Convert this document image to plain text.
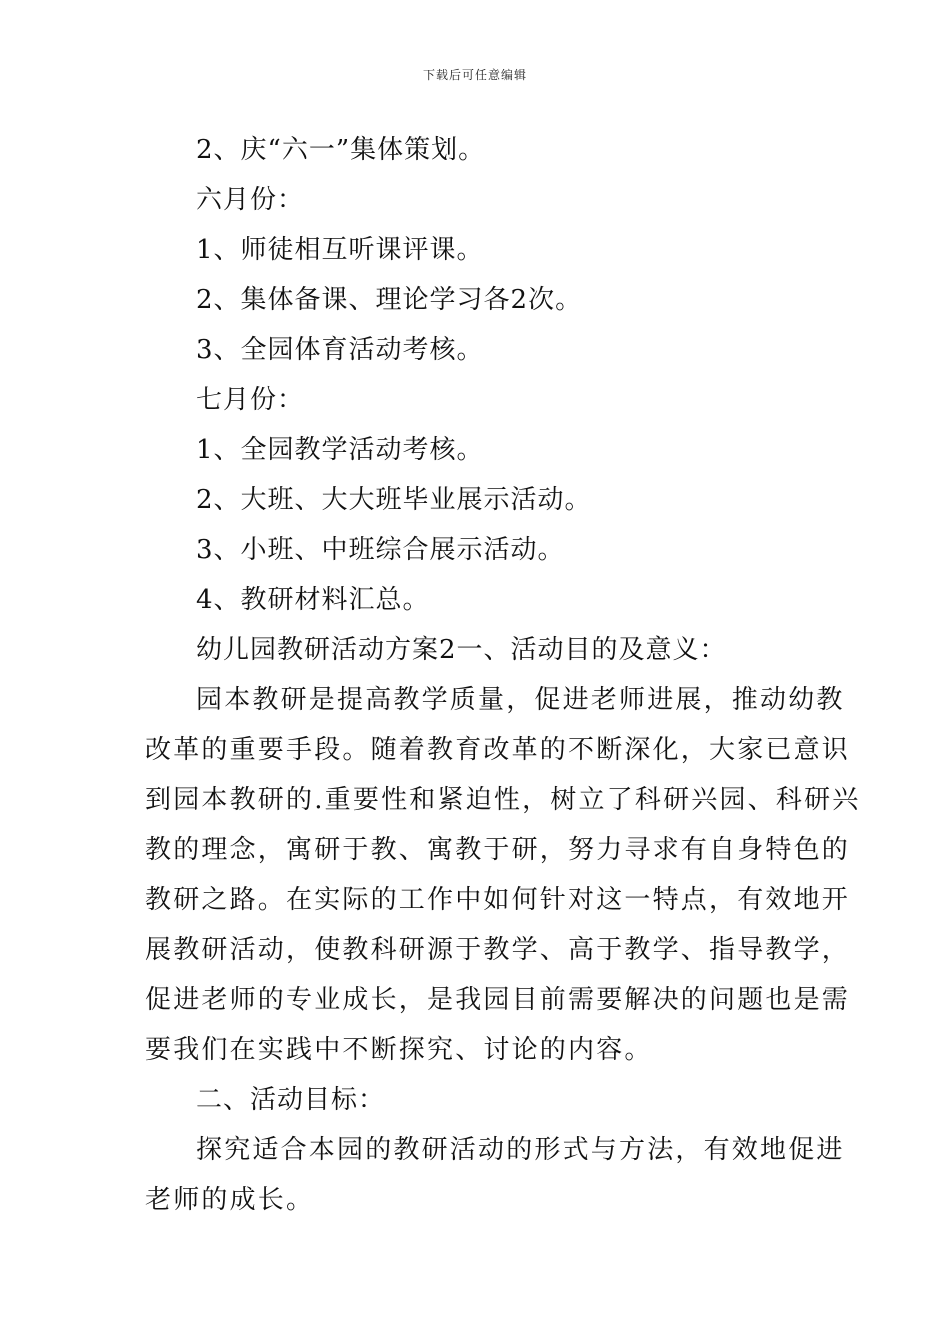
下载后可任意编辑
2、庆“六一”集体策划。
六月份：
1、师徒相互听课评课。
2、集体备课、理论学习各2次。
3、全园体育活动考核。
七月份：
1、全园教学活动考核。
2、大班、大大班毕业展示活动。
3、小班、中班综合展示活动。
4、教研材料汇总。
幼儿园教研活动方案2一、活动目的及意义：
园本教研是提高教学质量，促进老师进展，推动幼教
改革的重要手段。随着教育改革的不断深化，大家已意识
到园本教研的.重要性和紧迫性，树立了科研兴园、科研兴
教的理念，寓研于教、寓教于研，努力寻求有自身特色的
教研之路。在实际的工作中如何针对这一特点，有效地开
展教研活动，使教科研源于教学、高于教学、指导教学，
促进老师的专业成长，是我园目前需要解决的问题也是需
要我们在实践中不断探究、讨论的内容。
二、活动目标：
探究适合本园的教研活动的形式与方法，有效地促进
老师的成长。
